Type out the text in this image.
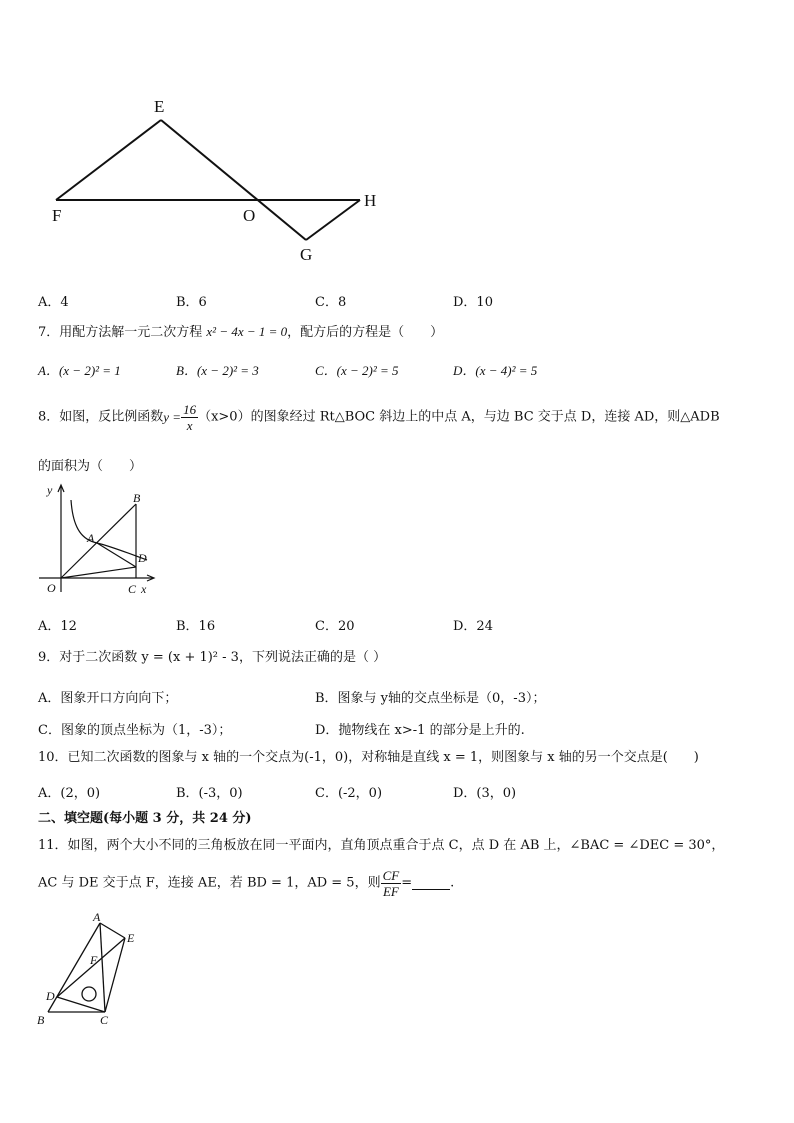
E
F	O
H
G
A．4	B．6	C．8	D．10
7．用配方法解一元二次方程 x² − 4x − 1 = 0，配方后的方程是（　　）
A．(x − 2)² = 1	B．(x − 2)² = 3	C．(x − 2)² = 5	D．(x − 4)² = 5
8．如图，反比例函数$y = \frac{16}{x} (x>0)$的图象经过 Rt△BOC 斜边上的中点 A，与边 BC 交于点 D，连接 AD，则△ADB
的面积为（　　）
y
B
A
D
O	C x
A．12	B．16	C．20	D．24
9．对于二次函数 y = (x + 1)² - 3，下列说法正确的是（ ）
A．图象开口方向向下；	B．图象与 y轴的交点坐标是（0，-3）；
C．图象的顶点坐标为（1，-3）；	D．抛物线在 x>-1 的部分是上升的.
10．已知二次函数的图象与 x 轴的一个交点为(-1，0)，对称轴是直线 x = 1，则图象与 x 轴的另一个交点是(　　)
A．(2，0)	B．(-3，0)	C．(-2，0)	D．(3，0)
二、填空题(每小题 3 分，共 24 分)
11．如图，两个大小不同的三角板放在同一平面内，直角顶点重合于点 C，点 D 在 AB 上，∠BAC = ∠DEC = 30°，
AC 与 DE 交于点 F，连接 AE，若 BD = 1，AD = 5，则 $\frac{CF}{EF}$ =	.
A
E
F
D
B	C
